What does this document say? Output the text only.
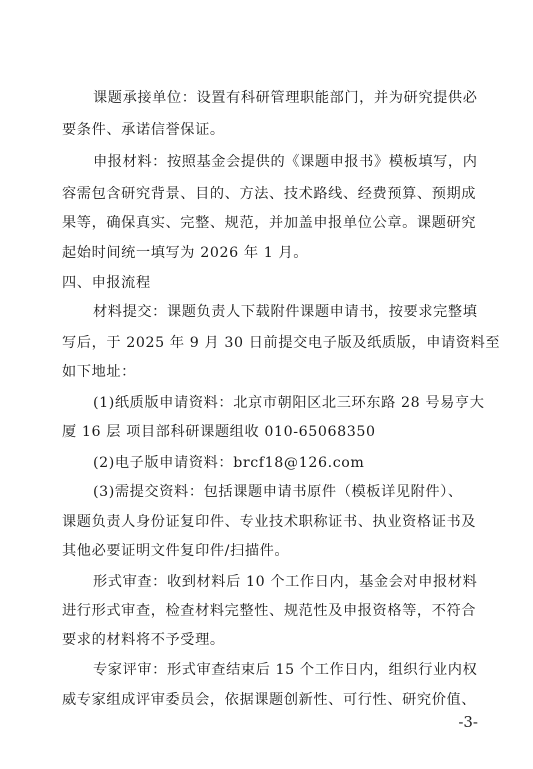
课题承接单位：设置有科研管理职能部门，并为研究提供必
要条件、承诺信誉保证。
申报材料：按照基金会提供的《课题申报书》模板填写，内
容需包含研究背景、目的、方法、技术路线、经费预算、预期成
果等，确保真实、完整、规范，并加盖申报单位公章。课题研究
起始时间统一填写为 2026 年 1 月。
四、申报流程
材料提交：课题负责人下载附件课题申请书，按要求完整填
写后，于 2025 年 9 月 30 日前提交电子版及纸质版，申请资料至
如下地址：
(1)纸质版申请资料：北京市朝阳区北三环东路 28 号易亨大
厦 16 层 项目部科研课题组收 010-65068350
(2)电子版申请资料：brcf18@126.com
(3)需提交资料：包括课题申请书原件（模板详见附件）、
课题负责人身份证复印件、专业技术职称证书、执业资格证书及
其他必要证明文件复印件/扫描件。
形式审查：收到材料后 10 个工作日内，基金会对申报材料
进行形式审查，检查材料完整性、规范性及申报资格等，不符合
要求的材料将不予受理。
专家评审：形式审查结束后 15 个工作日内，组织行业内权
威专家组成评审委员会，依据课题创新性、可行性、研究价值、
-3-
